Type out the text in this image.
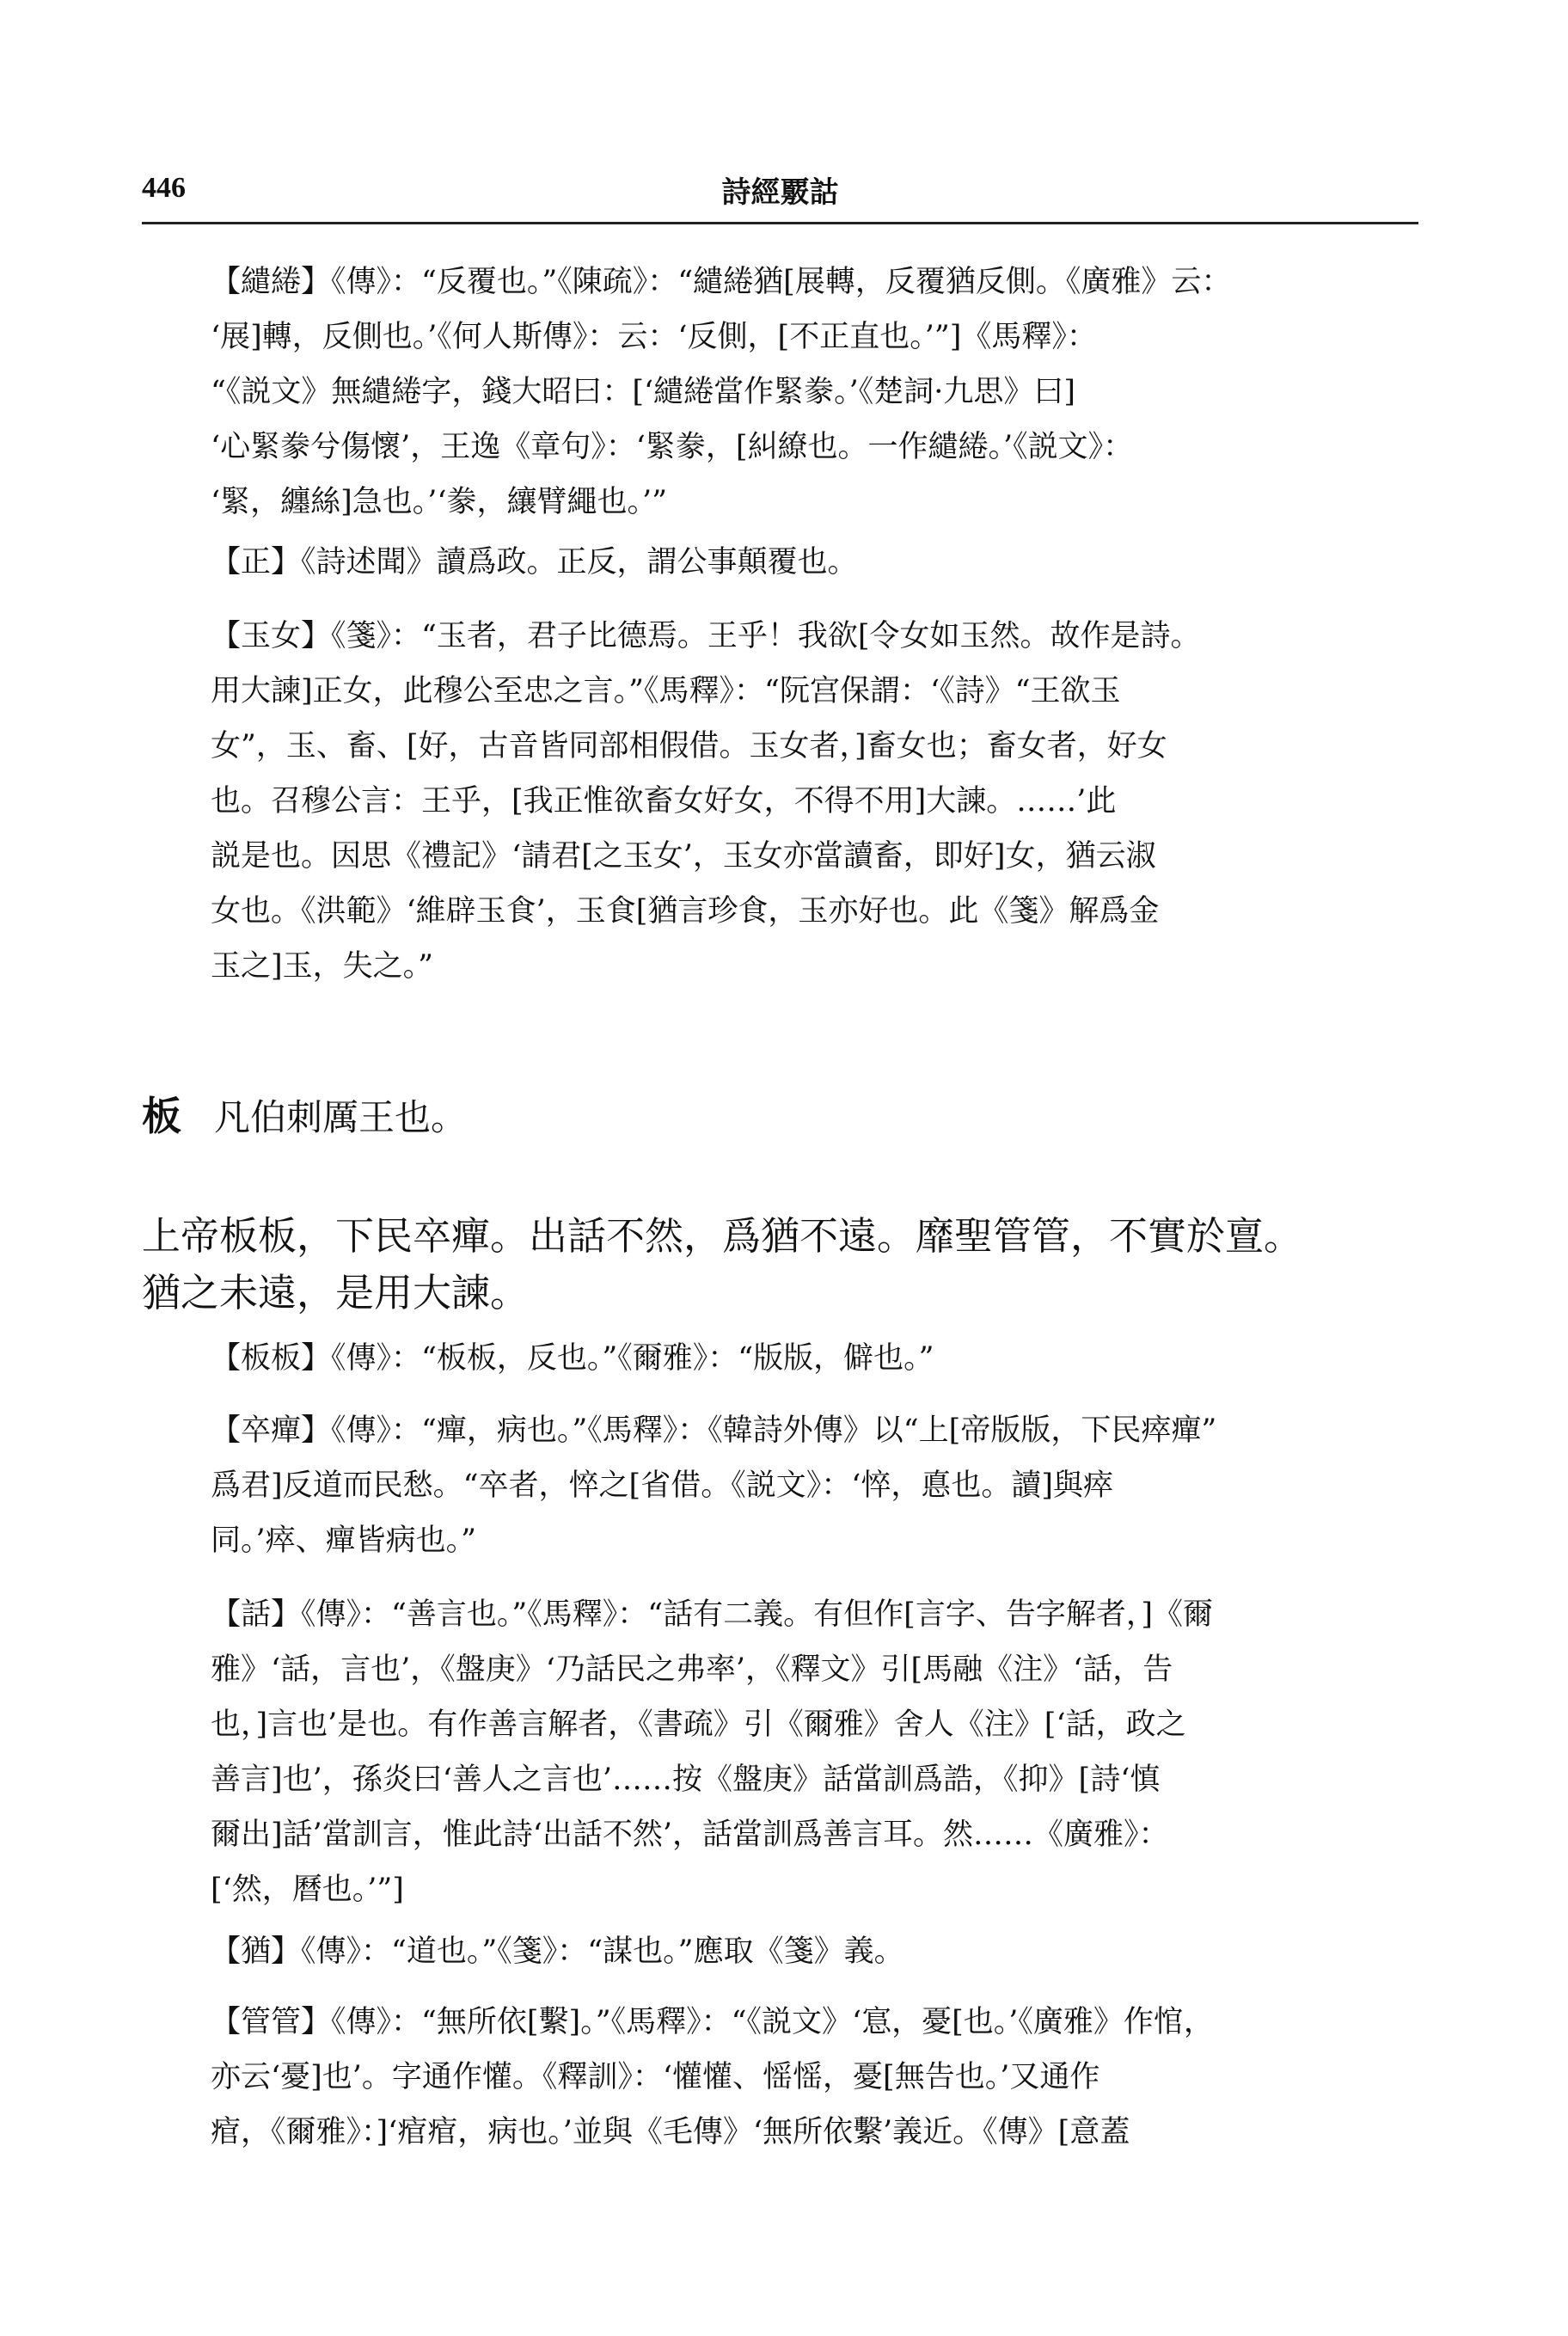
446	詩經覈詁
【繾綣】《傳》：“反覆也。”《陳疏》：“繾綣猶[展轉，反覆猶反側。《廣雅》云：
‘展]轉，反側也。’《何人斯傳》：云：‘反側，[不正直也。’”]《馬釋》：
“《説文》無繾綣字，錢大昭曰：[‘繾綣當作緊豢。’《楚詞·九思》曰]
‘心緊豢兮傷懷’，王逸《章句》：‘緊豢，[糾繚也。一作繾綣。’《説文》：
‘緊，纏絲]急也。’‘豢，纕臂繩也。’”
【正】《詩述聞》讀爲政。正反，謂公事顛覆也。
【玉女】《箋》：“玉者，君子比德焉。王乎！我欲[令女如玉然。故作是詩。
用大諫]正女，此穆公至忠之言。”《馬釋》：“阮宫保謂：‘《詩》“王欲玉
女”，玉、畜、[好，古音皆同部相假借。玉女者，]畜女也；畜女者，好女
也。召穆公言：王乎，[我正惟欲畜女好女，不得不用]大諫。……’此
説是也。因思《禮記》‘請君[之玉女’，玉女亦當讀畜，即好]女，猶云淑
女也。《洪範》‘維辟玉食’，玉食[猶言珍食，玉亦好也。此《箋》解爲金
玉之]玉，失之。”
板 凡伯刺厲王也。
上帝板板，下民卒癉。出話不然，爲猶不遠。靡聖管管，不實於亶。
猶之未遠，是用大諫。
【板板】《傳》：“板板，反也。”《爾雅》：“版版，僻也。”
【卒癉】《傳》：“癉，病也。”《馬釋》：《韓詩外傳》以“上[帝版版，下民瘁癉”
爲君]反道而民愁。“卒者，悴之[省借。《説文》：‘悴，悳也。讀]與瘁
同。’瘁、癉皆病也。”
【話】《傳》：“善言也。”《馬釋》：“話有二義。有但作[言字、告字解者，]《爾
雅》‘話，言也’，《盤庚》‘乃話民之弗率’，《釋文》引[馬融《注》‘話，告
也，]言也’是也。有作善言解者，《書疏》引《爾雅》舍人《注》[‘話，政之
善言]也’，孫炎曰‘善人之言也’……按《盤庚》話當訓爲誥，《抑》[詩‘慎
爾出]話’當訓言，惟此詩‘出話不然’，話當訓爲善言耳。然……《廣雅》：
[‘然，曆也。’”]
【猶】《傳》：“道也。”《箋》：“謀也。”應取《箋》義。
【管管】《傳》：“無所依[繫]。”《馬釋》：“《説文》‘悹，憂[也。’《廣雅》作悺，
亦云‘憂]也’。字通作懽。《釋訓》：‘懽懽、愮愮，憂[無告也。’又通作
痯，《爾雅》：]‘痯痯，病也。’並與《毛傳》‘無所依繫’義近。《傳》[意蓋
